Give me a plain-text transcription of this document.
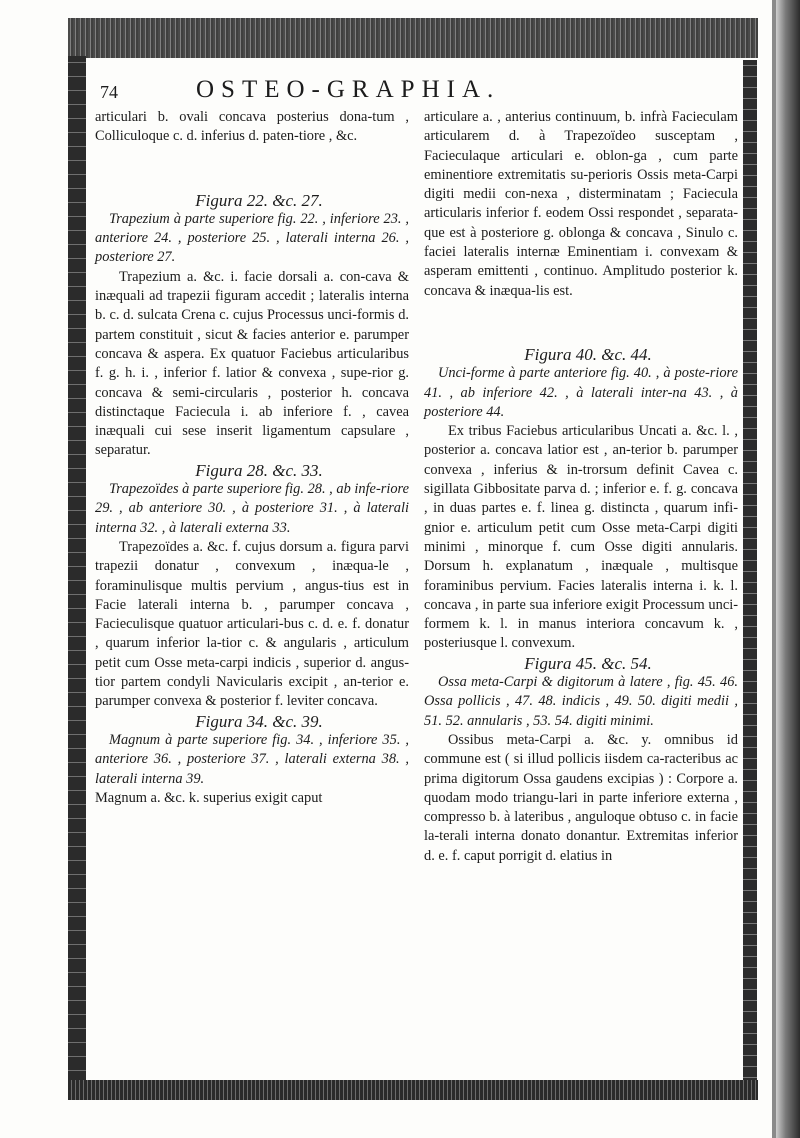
74	OSTEO-GRAPHIA.

articulari b. ovali concava posterius dona-tum , Colliculoque c. d. inferius d. paten-tiore , &c.

Figura 22. &c. 27.

Trapezium à parte superiore fig. 22. , inferiore 23. , anteriore 24. , posteriore 25. , laterali interna 26. , posteriore 27.

Trapezium a. &c. i. facie dorsali a. con-cava & inæquali ad trapezii figuram accedit ; lateralis interna b. c. d. sulcata Crena c. cujus Processus unci-formis d. partem constituit , sicut & facies anterior e. parumper concava & aspera. Ex quatuor Faciebus articularibus f. g. h. i. , inferior f. latior & convexa , supe-rior g. concava & semi-circularis , posterior h. concava distinctaque Faciecula i. ab inferiore f. , cavea inæquali cui sese inserit ligamentum capsulare , separatur.

Figura 28. &c. 33.

Trapezoïdes à parte superiore fig. 28. , ab infe-riore 29. , ab anteriore 30. , à posteriore 31. , à laterali interna 32. , à laterali externa 33.

Trapezoïdes a. &c. f. cujus dorsum a. figura parvi trapezii donatur , convexum , inæqua-le , foraminulisque multis pervium , angus-tius est in Facie laterali interna b. , parumper concava , Facieculisque quatuor articulari-bus c. d. e. f. donatur , quarum inferior la-tior c. & angularis , articulum petit cum Osse meta-carpi indicis , superior d. angus-tior partem condyli Navicularis excipit , an-terior e. parumper convexa & posterior f. leviter concava.

Figura 34. &c. 39.

Magnum à parte superiore fig. 34. , inferiore 35. , anteriore 36. , posteriore 37. , laterali externa 38. , laterali interna 39.

Magnum a. &c. k. superius exigit caput

articulare a. , anterius continuum, b. infrà Facieculam articularem d. à Trapezoïdeo susceptam , Facieculaque articulari e. oblon-ga , cum parte eminentiore extremitatis su-perioris Ossis meta-Carpi digiti medii con-nexa , disterminatam ; Faciecula articularis inferior f. eodem Ossi respondet , separata-que est à posteriore g. oblonga & concava , Sinulo c. faciei lateralis internæ Eminentiam i. convexam & asperam emittenti , continuo. Amplitudo posterior k. concava & inæqua-lis est.

Figura 40. &c. 44.

Unci-forme à parte anteriore fig. 40. , à poste-riore 41. , ab inferiore 42. , à laterali inter-na 43. , à posteriore 44.

Ex tribus Faciebus articularibus Uncati a. &c. l. , posterior a. concava latior est , an-terior b. parumper convexa , inferius & in-trorsum definit Cavea c. sigillata Gibbositate parva d. ; inferior e. f. g. concava , in duas partes e. f. linea g. distincta , quarum infi-gnior e. articulum petit cum Osse meta-Carpi digiti minimi , minorque f. cum Osse digiti annularis. Dorsum h. explanatum , inæquale , multisque foraminibus pervium. Facies lateralis interna i. k. l. concava , in parte sua inferiore exigit Processum unci-formem k. l. in manus interiora concavum k. , posteriusque l. convexum.

Figura 45. &c. 54.

Ossa meta-Carpi & digitorum à latere , fig. 45. 46. Ossa pollicis , 47. 48. indicis , 49. 50. digiti medii , 51. 52. annularis , 53. 54. digiti minimi.

Ossibus meta-Carpi a. &c. y. omnibus id commune est ( si illud pollicis iisdem ca-racteribus ac prima digitorum Ossa gaudens excipias ) : Corpore a. quodam modo triangu-lari in parte inferiore externa , compresso b. à lateribus , anguloque obtuso c. in facie la-terali interna donato donantur. Extremitas inferior d. e. f. caput porrigit d. elatius in
